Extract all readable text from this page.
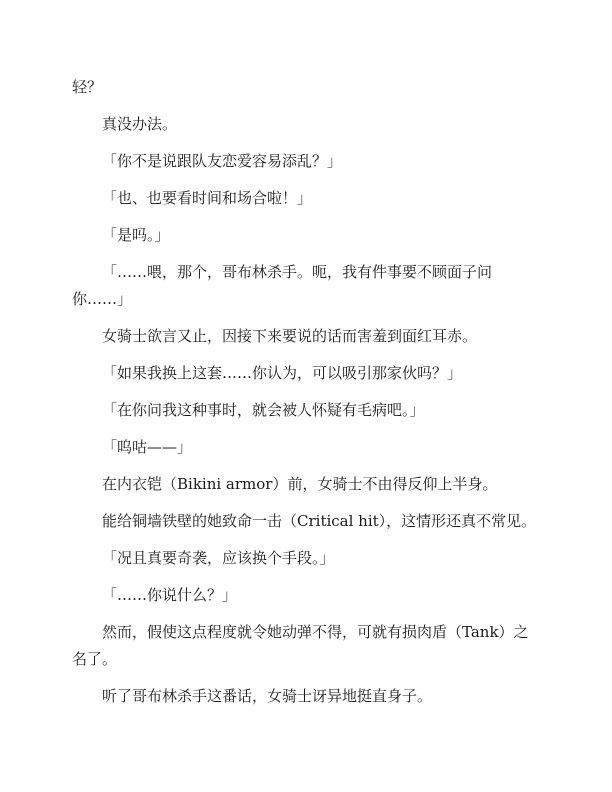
轻？

真没办法。

「你不是说跟队友恋爱容易添乱？」

「也、也要看时间和场合啦！」

「是吗。」

「……喂，那个，哥布林杀手。呃，我有件事要不顾面子问你……」

女骑士欲言又止，因接下来要说的话而害羞到面红耳赤。

「如果我换上这套……你认为，可以吸引那家伙吗？」

「在你问我这种事时，就会被人怀疑有毛病吧。」

「呜咕——」

在内衣铠（Bikini armor）前，女骑士不由得反仰上半身。

能给铜墙铁壁的她致命一击（Critical hit），这情形还真不常见。

「况且真要奇袭，应该换个手段。」

「……你说什么？」

然而，假使这点程度就令她动弹不得，可就有损肉盾（Tank）之名了。

听了哥布林杀手这番话，女骑士讶异地挺直身子。
